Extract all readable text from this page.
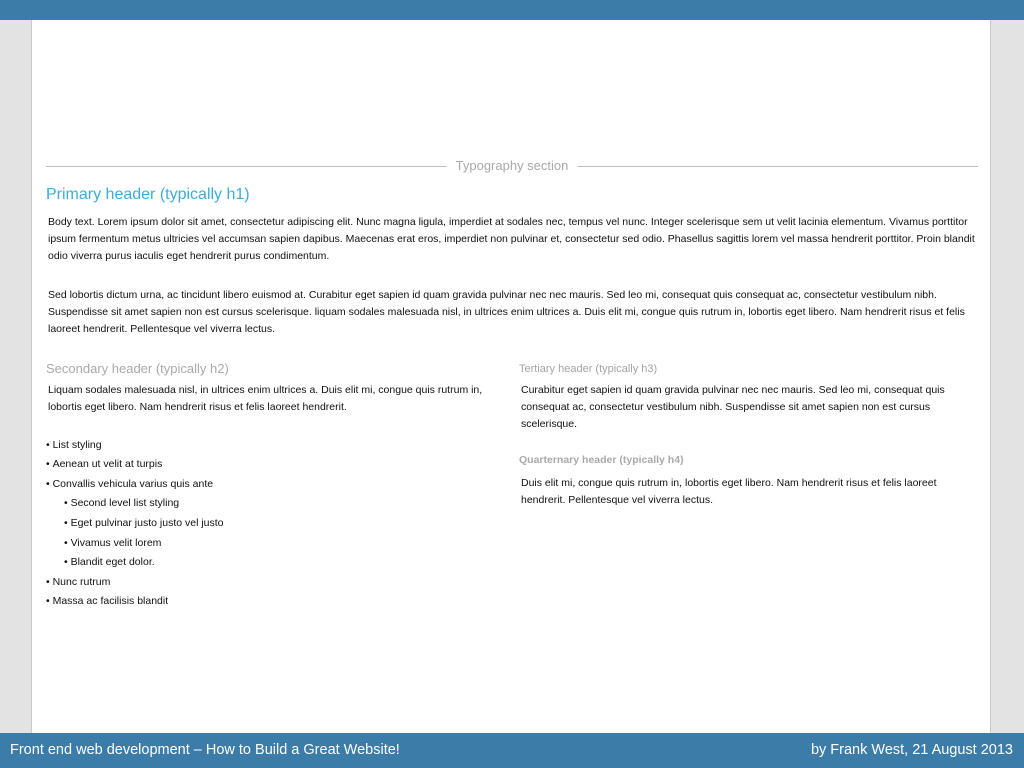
Typography section
Primary header (typically h1)

Body text. Lorem ipsum dolor sit amet, consectetur adipiscing elit. Nunc magna ligula, imperdiet at sodales nec, tempus vel nunc. Integer scelerisque sem ut velit lacinia elementum. Vivamus porttitor ipsum fermentum metus ultricies vel accumsan sapien dapibus. Maecenas erat eros, imperdiet non pulvinar et, consectetur sed odio. Phasellus sagittis lorem vel massa hendrerit porttitor. Proin blandit odio viverra purus iaculis eget hendrerit purus condimentum.

Sed lobortis dictum urna, ac tincidunt libero euismod at. Curabitur eget sapien id quam gravida pulvinar nec nec mauris. Sed leo mi, consequat quis consequat ac, consectetur vestibulum nibh. Suspendisse sit amet sapien non est cursus scelerisque. liquam sodales malesuada nisl, in ultrices enim ultrices a. Duis elit mi, congue quis rutrum in, lobortis eget libero. Nam hendrerit risus et felis laoreet hendrerit. Pellentesque vel viverra lectus.

Secondary header (typically h2)

Liquam sodales malesuada nisl, in ultrices enim ultrices a. Duis elit mi, congue quis rutrum in, lobortis eget libero. Nam hendrerit risus et felis laoreet hendrerit.

• List styling
• Aenean ut velit at turpis
• Convallis vehicula varius quis ante
• Second level list styling
• Eget pulvinar justo justo vel justo
• Vivamus velit lorem
• Blandit eget dolor.
• Nunc rutrum
• Massa ac facilisis blandit
Tertiary header (typically h3)

Curabitur eget sapien id quam gravida pulvinar nec nec mauris. Sed leo mi, consequat quis consequat ac, consectetur vestibulum nibh. Suspendisse sit amet sapien non est cursus scelerisque.

Quarternary header (typically h4)

Duis elit mi, congue quis rutrum in, lobortis eget libero. Nam hendrerit risus et felis laoreet hendrerit. Pellentesque vel viverra lectus.

Front end web development – How to Build a Great Website!	by Frank West, 21 August 2013
